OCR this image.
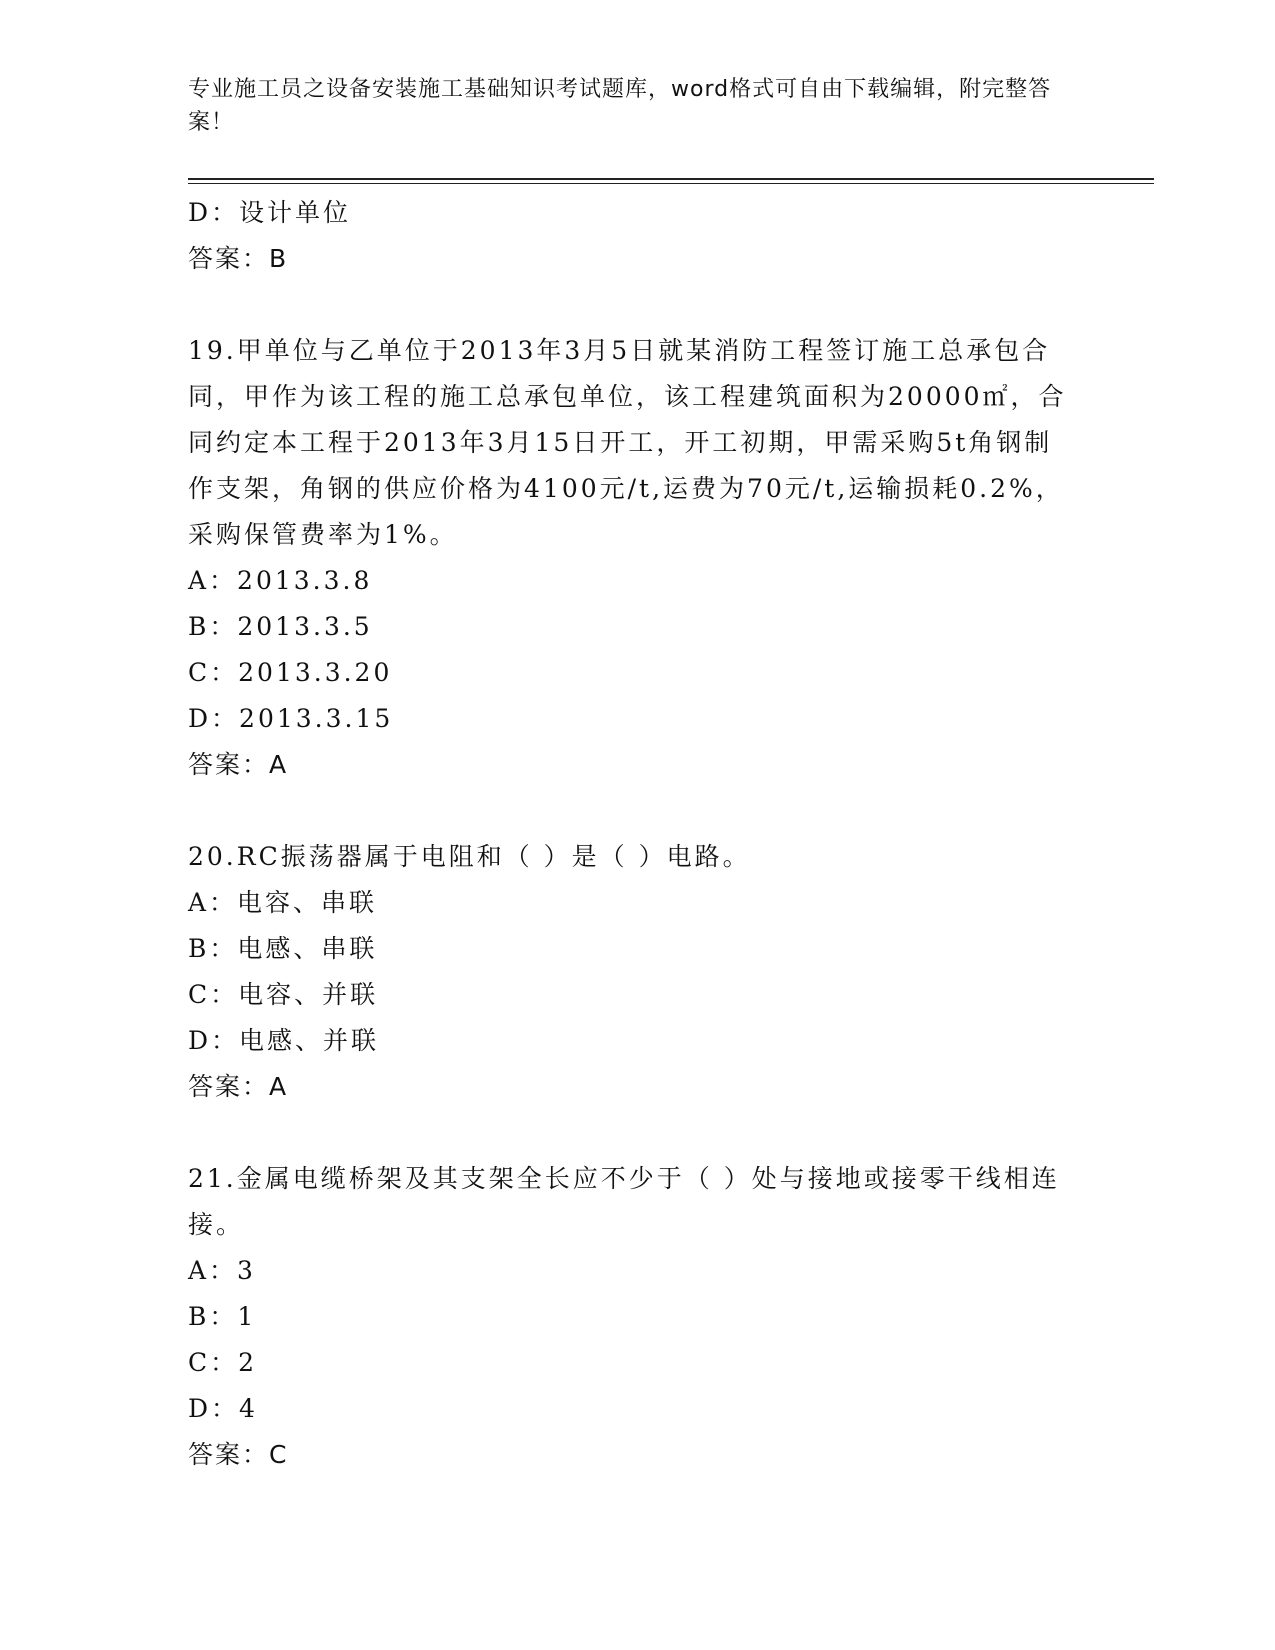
专业施工员之设备安装施工基础知识考试题库，word格式可自由下载编辑，附完整答案！
D：设计单位
答案：B
19.甲单位与乙单位于2013年3月5日就某消防工程签订施工总承包合同，甲作为该工程的施工总承包单位，该工程建筑面积为20000㎡，合同约定本工程于2013年3月15日开工，开工初期，甲需采购5t角钢制作支架，角钢的供应价格为4100元/t,运费为70元/t,运输损耗0.2%，采购保管费率为1%。
A：2013.3.8
B：2013.3.5
C：2013.3.20
D：2013.3.15
答案：A
20.RC振荡器属于电阻和（ ）是（ ）电路。
A：电容、串联
B：电感、串联
C：电容、并联
D：电感、并联
答案：A
21.金属电缆桥架及其支架全长应不少于（ ）处与接地或接零干线相连接。
A：3
B：1
C：2
D：4
答案：C
